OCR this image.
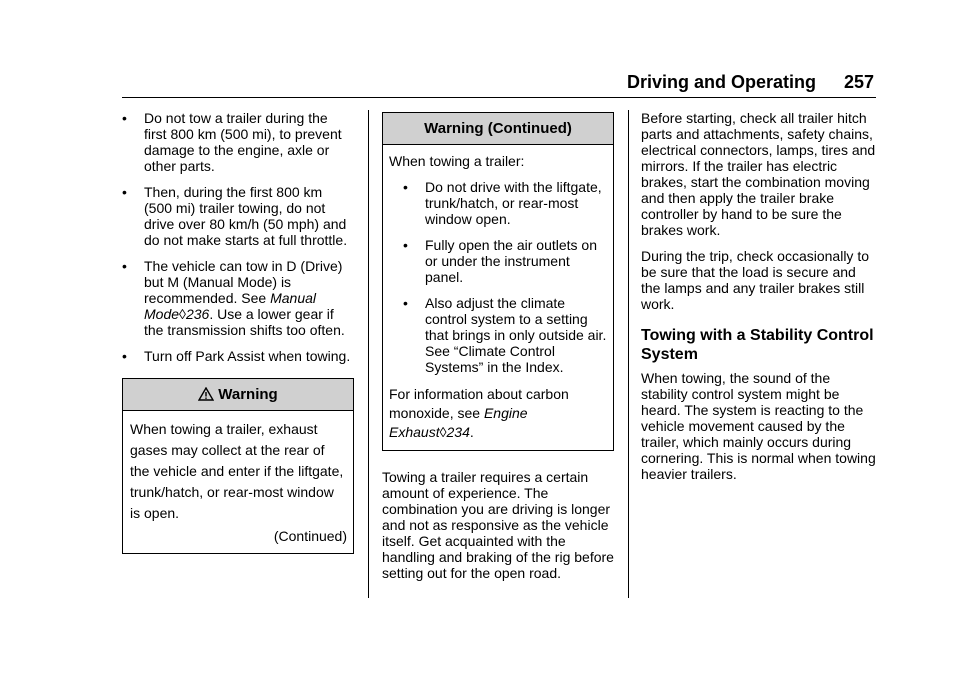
Driving and Operating 257
• Do not tow a trailer during the first 800 km (500 mi), to prevent damage to the engine, axle or other parts.
• Then, during the first 800 km (500 mi) trailer towing, do not drive over 80 km/h (50 mph) and do not make starts at full throttle.
• The vehicle can tow in D (Drive) but M (Manual Mode) is recommended. See Manual Mode◊236. Use a lower gear if the transmission shifts too often.
• Turn off Park Assist when towing.
Warning
When towing a trailer, exhaust gases may collect at the rear of the vehicle and enter if the liftgate, trunk/hatch, or rear-most window is open.
(Continued)
Warning (Continued)
When towing a trailer:
• Do not drive with the liftgate, trunk/hatch, or rear-most window open.
• Fully open the air outlets on or under the instrument panel.
• Also adjust the climate control system to a setting that brings in only outside air. See “Climate Control Systems” in the Index.
For information about carbon monoxide, see Engine Exhaust◊234.

Towing a trailer requires a certain amount of experience. The combination you are driving is longer and not as responsive as the vehicle itself. Get acquainted with the handling and braking of the rig before setting out for the open road.

Before starting, check all trailer hitch parts and attachments, safety chains, electrical connectors, lamps, tires and mirrors. If the trailer has electric brakes, start the combination moving and then apply the trailer brake controller by hand to be sure the brakes work.

During the trip, check occasionally to be sure that the load is secure and the lamps and any trailer brakes still work.

Towing with a Stability Control System

When towing, the sound of the stability control system might be heard. The system is reacting to the vehicle movement caused by the trailer, which mainly occurs during cornering. This is normal when towing heavier trailers.
